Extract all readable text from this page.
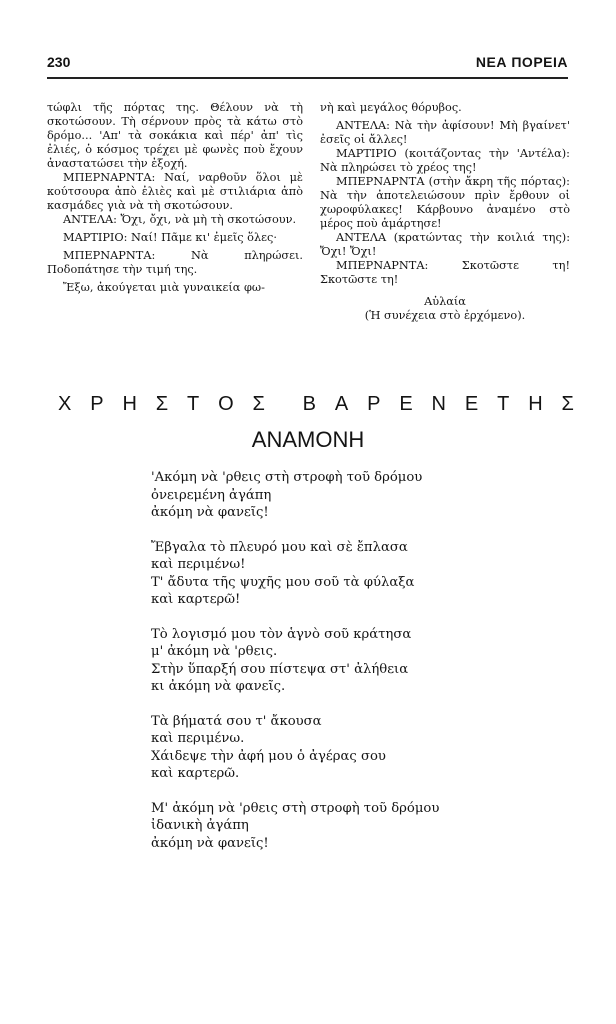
230	ΝΕΑ ΠΟΡΕΙΑ

τώφλι τῆς πόρτας της. Θέλουν νὰ τὴ σκοτώσουν. Τὴ σέρνουν πρὸς τὰ κάτω στὸ δρόμο... 'Απ' τὰ σοκάκια καὶ πέρ' ἀπ' τὶς ἐλιές, ὁ κόσμος τρέχει μὲ φωνὲς ποὺ ἔχουν ἀναστατώσει τὴν ἐξοχή.

ΜΠΕΡΝΑΡΝΤΑ: Ναί, ναρθοῦν ὅλοι μὲ κούτσουρα ἀπὸ ἐλιὲς καὶ μὲ στιλιάρια ἀπὸ κασμάδες γιὰ νὰ τὴ σκοτώσουν.

ΑΝΤΕΛΑ: Ὄχι, ὄχι, νὰ μὴ τὴ σκοτώσουν.

ΜΑΡΤΙΡΙΟ: Ναί! Πᾶμε κι' ἐμεῖς ὅλες·

ΜΠΕΡΝΑΡΝΤΑ: Νὰ πληρώσει. Ποδοπάτησε τὴν τιμή της.

Ἔξω, ἀκούγεται μιὰ γυναικεία φω-

νὴ καὶ μεγάλος θόρυβος.

ΑΝΤΕΛΑ: Νὰ τὴν ἀφίσουν! Μὴ βγαίνετ' ἐσεῖς οἱ ἄλλες!

ΜΑΡΤΙΡΙΟ (κοιτάζοντας τὴν 'Αντέλα): Νὰ πληρώσει τὸ χρέος της!

ΜΠΕΡΝΑΡΝΤΑ (στὴν ἄκρη τῆς πόρτας): Νὰ τὴν ἀποτελειώσουν πρὶν ἔρθουν οἱ χωροφύλακες! Κάρβουνο ἀναμένο στὸ μέρος ποὺ ἁμάρτησε!

ΑΝΤΕΛΑ (κρατώντας τὴν κοιλιά της): Ὄχι! Ὄχι!

ΜΠΕΡΝΑΡΝΤΑ: Σκοτῶστε τη! Σκοτῶστε τη!

Αὐλαία

(Ἡ συνέχεια στὸ ἐρχόμενο).

Χ Ρ Η Σ Τ Ο Σ Β Α Ρ Ε Ν Ε Τ Η Σ
ΑΝΑΜΟΝΗ
'Ακόμη νὰ 'ρθεις στὴ στροφὴ τοῦ δρόμου
ὀνειρεμένη ἀγάπη
ἀκόμη νὰ φανεῖς!
Ἔβγαλα τὸ πλευρό μου καὶ σὲ ἔπλασα
καὶ περιμένω!
Τ' ἄδυτα τῆς ψυχῆς μου σοῦ τὰ φύλαξα
καὶ καρτερῶ!
Τὸ λογισμό μου τὸν ἁγνὸ σοῦ κράτησα
μ' ἀκόμη νὰ 'ρθεις.
Στὴν ὕπαρξή σου πίστεψα στ' ἀλήθεια
κι ἀκόμη νὰ φανεῖς.
Τὰ βήματά σου τ' ἄκουσα
καὶ περιμένω.
Χάιδεψε τὴν ἀφή μου ὁ ἀγέρας σου
καὶ καρτερῶ.
Μ' ἀκόμη νὰ 'ρθεις στὴ στροφὴ τοῦ δρόμου
ἰδανικὴ ἀγάπη
ἀκόμη νὰ φανεῖς!
